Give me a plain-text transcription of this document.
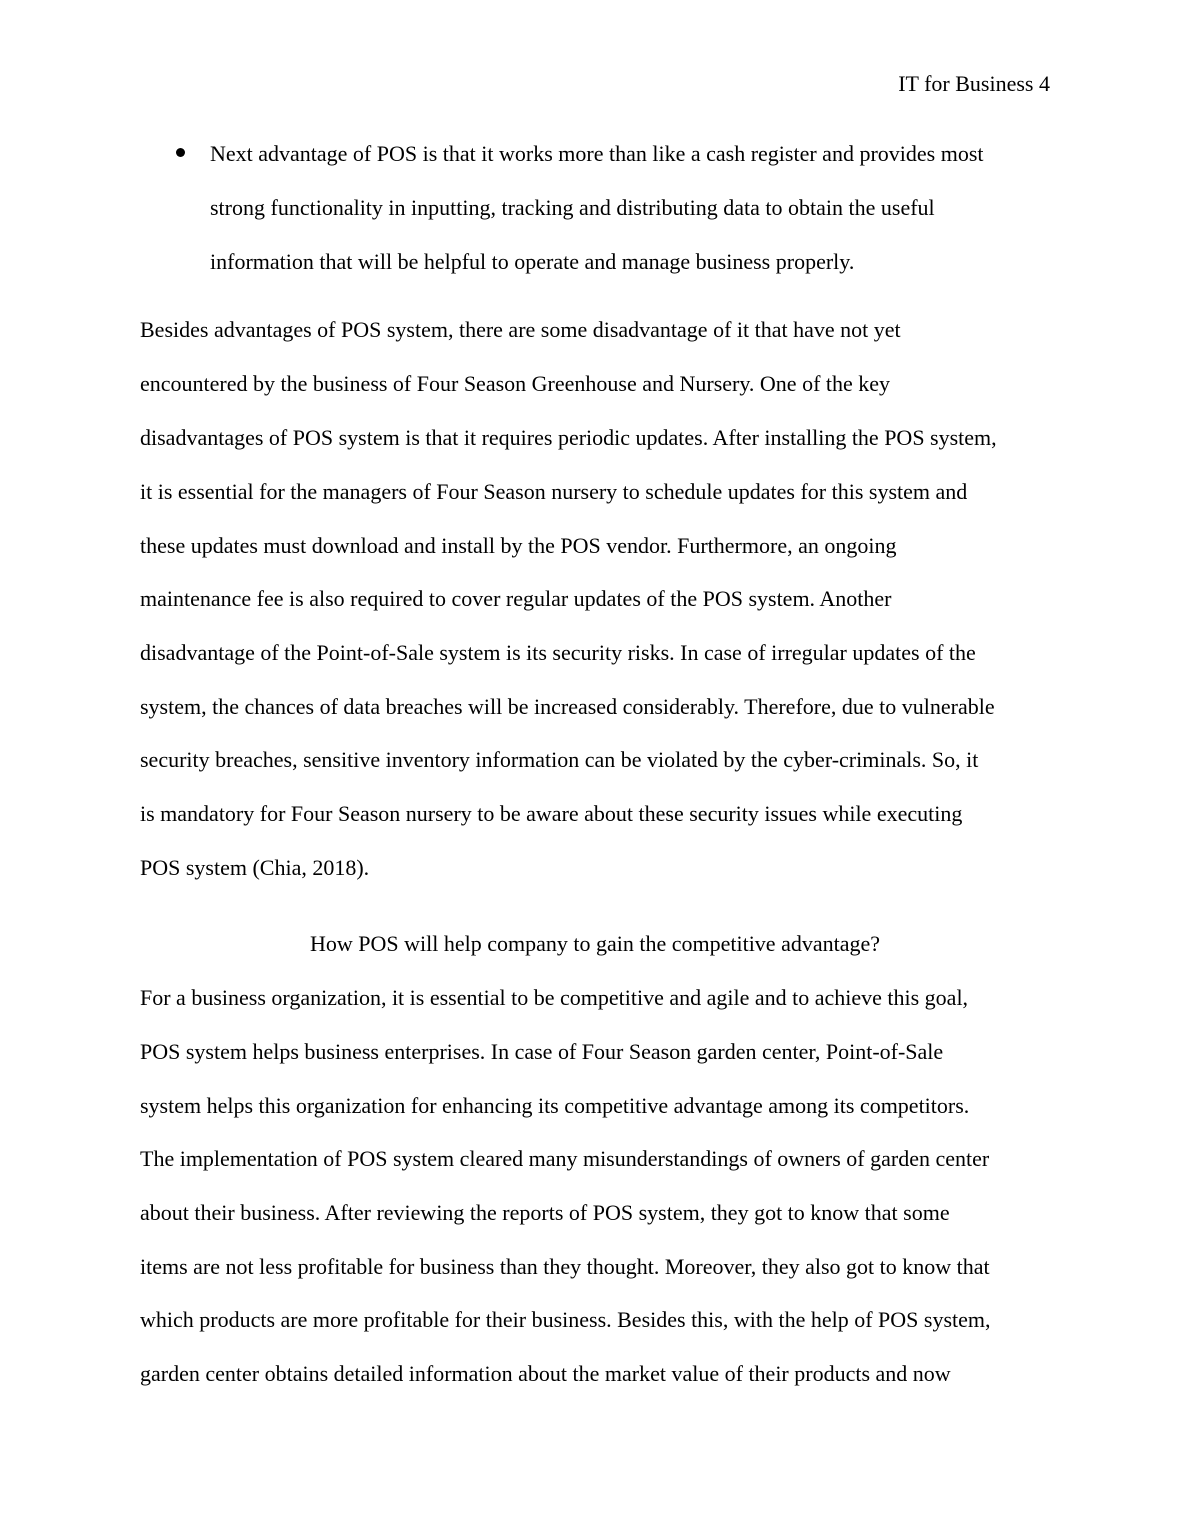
IT for Business 4
Next advantage of POS is that it works more than like a cash register and provides most
strong functionality in inputting, tracking and distributing data to obtain the useful
information that will be helpful to operate and manage business properly.
Besides advantages of POS system, there are some disadvantage of it that have not yet
encountered by the business of Four Season Greenhouse and Nursery. One of the key
disadvantages of POS system is that it requires periodic updates. After installing the POS system,
it is essential for the managers of Four Season nursery to schedule updates for this system and
these updates must download and install by the POS vendor. Furthermore, an ongoing
maintenance fee is also required to cover regular updates of the POS system. Another
disadvantage of the Point-of-Sale system is its security risks. In case of irregular updates of the
system, the chances of data breaches will be increased considerably. Therefore, due to vulnerable
security breaches, sensitive inventory information can be violated by the cyber-criminals. So, it
is mandatory for Four Season nursery to be aware about these security issues while executing
POS system (Chia, 2018).
How POS will help company to gain the competitive advantage?
For a business organization, it is essential to be competitive and agile and to achieve this goal,
POS system helps business enterprises. In case of Four Season garden center, Point-of-Sale
system helps this organization for enhancing its competitive advantage among its competitors.
The implementation of POS system cleared many misunderstandings of owners of garden center
about their business. After reviewing the reports of POS system, they got to know that some
items are not less profitable for business than they thought. Moreover, they also got to know that
which products are more profitable for their business. Besides this, with the help of POS system,
garden center obtains detailed information about the market value of their products and now
